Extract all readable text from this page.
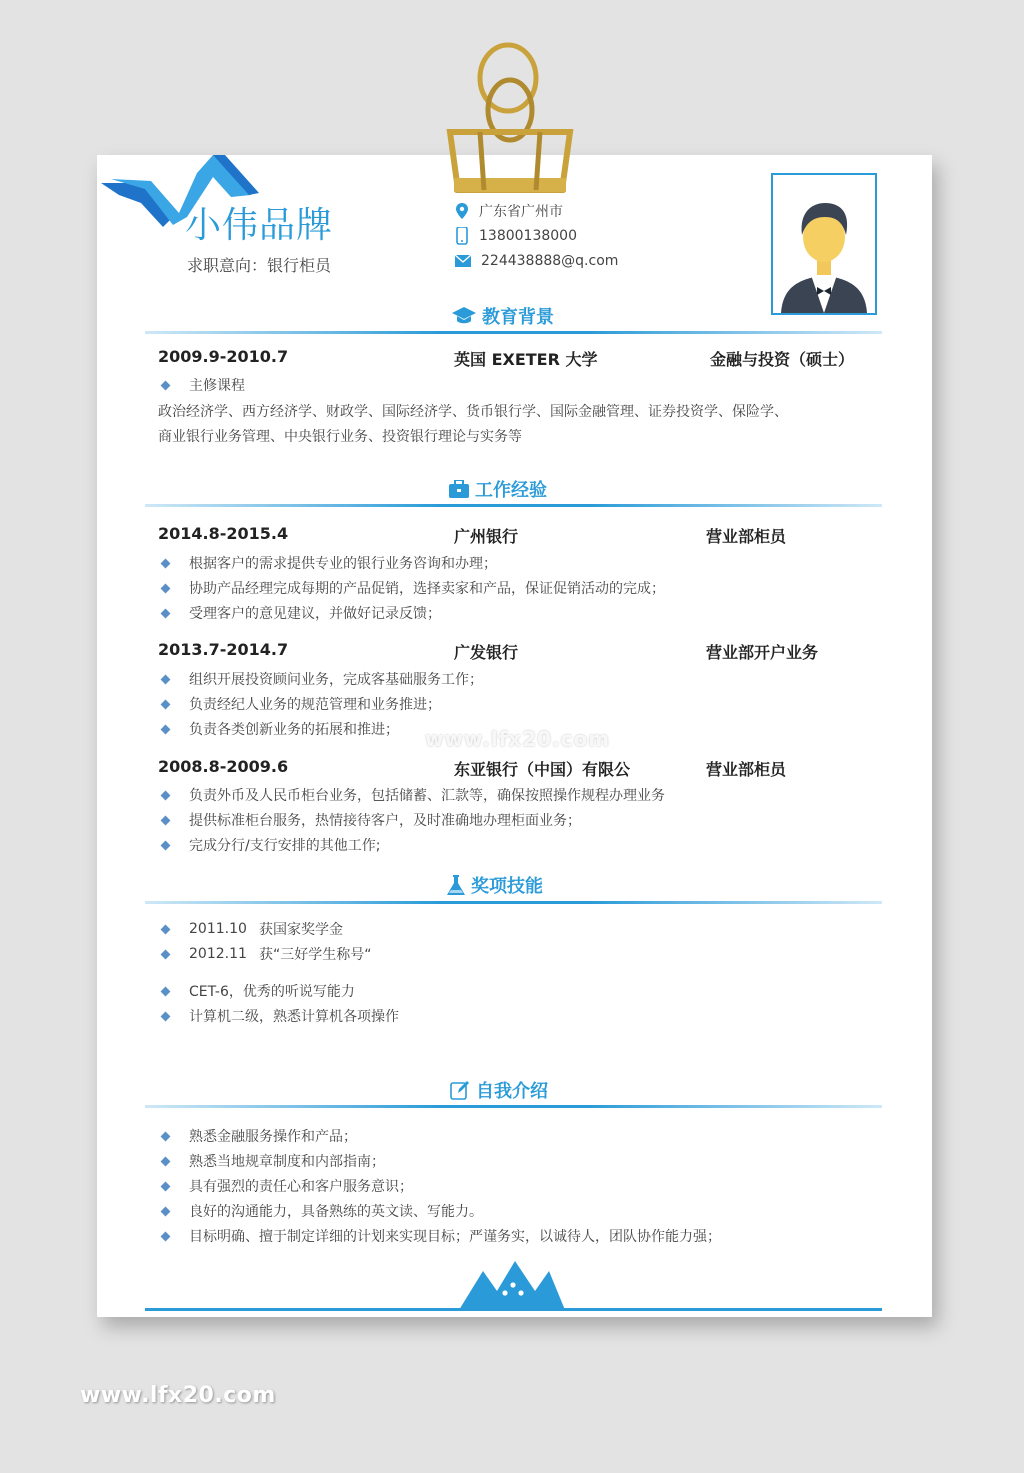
小伟品牌
求职意向：银行柜员
广东省广州市
13800138000
224438888@q.com
教育背景
2009.9-2010.7	英国 EXETER 大学	金融与投资（硕士）
主修课程
政治经济学、西方经济学、财政学、国际经济学、货币银行学、国际金融管理、证券投资学、保险学、
商业银行业务管理、中央银行业务、投资银行理论与实务等
工作经验
2014.8-2015.4	广州银行	营业部柜员
根据客户的需求提供专业的银行业务咨询和办理；
协助产品经理完成每期的产品促销，选择卖家和产品，保证促销活动的完成；
受理客户的意见建议，并做好记录反馈；
2013.7-2014.7	广发银行	营业部开户业务
组织开展投资顾问业务，完成客基础服务工作；
负责经纪人业务的规范管理和业务推进；
负责各类创新业务的拓展和推进；
2008.8-2009.6	东亚银行（中国）有限公	营业部柜员
负责外币及人民币柜台业务，包括储蓄、汇款等，确保按照操作规程办理业务
提供标准柜台服务，热情接待客户，及时准确地办理柜面业务；
完成分行/支行安排的其他工作;
奖项技能
2011.10 获国家奖学金
2012.11 获“三好学生称号“
CET-6，优秀的听说写能力
计算机二级，熟悉计算机各项操作
自我介绍
熟悉金融服务操作和产品；
熟悉当地规章制度和内部指南；
具有强烈的责任心和客户服务意识；
良好的沟通能力，具备熟练的英文读、写能力。
目标明确、擅于制定详细的计划来实现目标；严谨务实，以诚待人，团队协作能力强；
www.lfx20.com
www.lfx20.com
